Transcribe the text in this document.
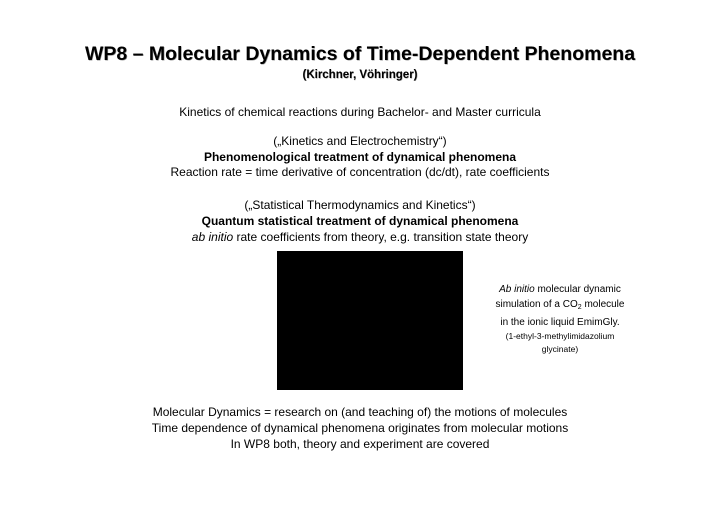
WP8 – Molecular Dynamics of Time-Dependent Phenomena
(Kirchner, Vöhringer)
Kinetics of chemical reactions during Bachelor- and Master curricula
(„Kinetics and Electrochemistry“)
Phenomenological treatment of dynamical phenomena
Reaction rate = time derivative of concentration (dc/dt), rate coefficients
(„Statistical Thermodynamics and Kinetics“)
Quantum statistical treatment of dynamical phenomena
ab initio rate coefficients from theory, e.g. transition state theory
Ab initio molecular dynamic
simulation of a $CO_2$ molecule
in the ionic liquid EmimGly.
(1-ethyl-3-methylimidazolium
glycinate)
Molecular Dynamics = research on (and teaching of) the motions of molecules
Time dependence of dynamical phenomena originates from molecular motions
In WP8 both, theory and experiment are covered
